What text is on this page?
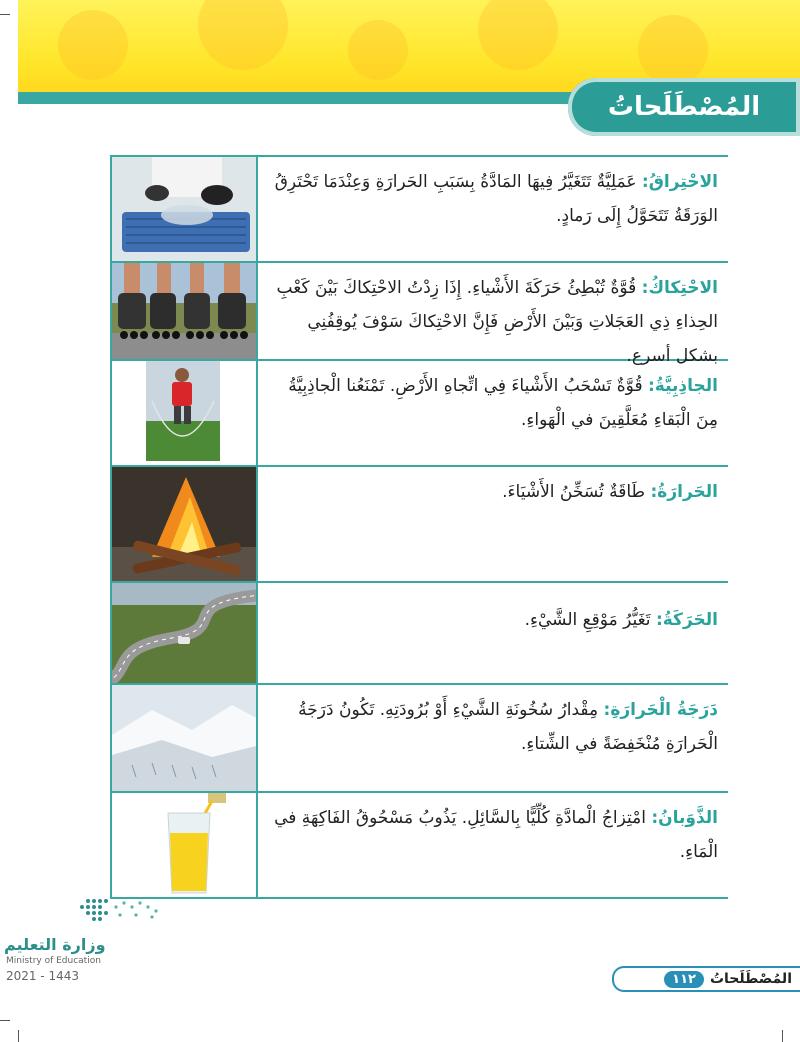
المُصْطَلَحاتُ
الاحْتِراقُ: عَمَلِيَّةٌ تَتَغَيَّرُ فِيهَا المَادَّةُ بِسَبَبِ الحَرارَةِ وَعِنْدَمَا تَحْتَرِقُ الوَرَقَةُ تَتَحَوَّلُ إِلَى رَمادٍ.
الاحْتِكاكُ: قُوَّةٌ تُبْطِئُ حَرَكَةَ الأَشْياءِ. إِذَا زِدْتُ الاحْتِكاكَ بَيْنَ كَعْبِ الحِذاءِ ذِي العَجَلاتِ وَبَيْنَ الأَرْضِ فَإِنَّ الاحْتِكاكَ سَوْفَ يُوقِفُنِي بشكل أسرع.
الجاذِبِيَّةُ: قُوَّةٌ تَسْحَبُ الأَشْياءَ فِي اتِّجاهِ الأَرْضِ. تَمْنَعُنا الْجاذِبِيَّةُ مِنَ الْبَقاءِ مُعَلَّقِينَ في الْهَواءِ.
الحَرارَةُ: طَاقَةٌ تُسَخِّنُ الأَشْيَاءَ.
الحَرَكَةُ: تَغَيُّرُ مَوْقِعِ الشَّيْءِ.
دَرَجَةُ الْحَرارَةِ: مِقْدارُ سُخُونَةِ الشَّيْءِ أَوْ بُرُودَتِهِ. تَكُونُ دَرَجَةُ الْحَرارَةِ مُنْخَفِضَةً في الشِّتاءِ.
الذَّوَبانُ: امْتِزاجُ الْمادَّةِ كُلِّيًّا بِالسَّائِلِ. يَذُوبُ مَسْحُوقُ الفَاكِهَةِ في الْمَاءِ.
وزارة التعليم
Ministry of Education
2021 - 1443	المُصْطَلَحاتُ
١١٢
